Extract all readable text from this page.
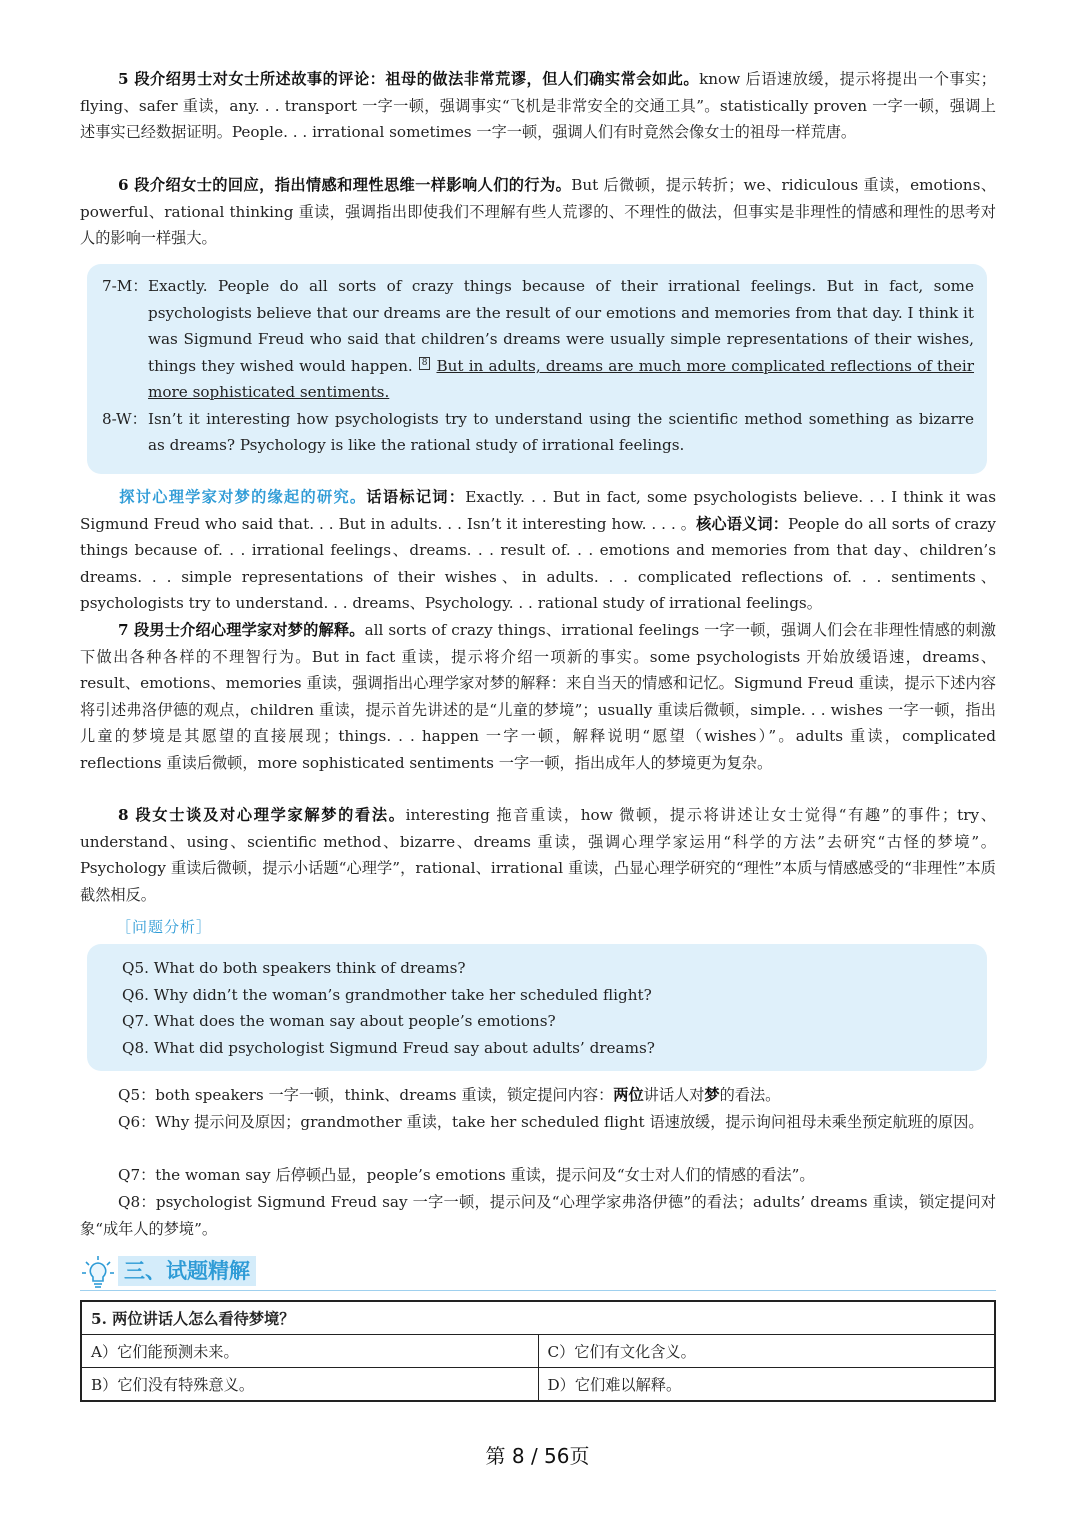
5 段介绍男士对女士所述故事的评论：祖母的做法非常荒谬，但人们确实常会如此。know 后语速放缓，提示将提出一个事实；flying、safer 重读，any. . . transport 一字一顿，强调事实“飞机是非常安全的交通工具”。statistically proven 一字一顿，强调上述事实已经数据证明。People. . . irrational sometimes 一字一顿，强调人们有时竟然会像女士的祖母一样荒唐。

6 段介绍女士的回应，指出情感和理性思维一样影响人们的行为。But 后微顿，提示转折；we、ridiculous 重读，emotions、powerful、rational thinking 重读，强调指出即使我们不理解有些人荒谬的、不理性的做法，但事实是非理性的情感和理性的思考对人的影响一样强大。

7-M： Exactly. People do all sorts of crazy things because of their irrational feelings. But in fact, some psychologists believe that our dreams are the result of our emotions and memories from that day. I think it was Sigmund Freud who said that children’s dreams were usually simple representations of their wishes, things they wished would happen. 8 But in adults, dreams are much more complicated reflections of their more sophisticated sentiments.
8-W： Isn’t it interesting how psychologists try to understand using the scientific method something as bizarre as dreams? Psychology is like the rational study of irrational feelings.

探讨心理学家对梦的缘起的研究。话语标记词：Exactly. . . But in fact, some psychologists believe. . . I think it was Sigmund Freud who said that. . . But in adults. . . Isn’t it interesting how. . . . 。核心语义词：People do all sorts of crazy things because of. . . irrational feelings、dreams. . . result of. . . emotions and memories from that day、children’s dreams. . . simple representations of their wishes、in adults. . . complicated reflections of. . . sentiments、psychologists try to understand. . . dreams、Psychology. . . rational study of irrational feelings。

7 段男士介绍心理学家对梦的解释。all sorts of crazy things、irrational feelings 一字一顿，强调人们会在非理性情感的刺激下做出各种各样的不理智行为。But in fact 重读，提示将介绍一项新的事实。some psychologists 开始放缓语速，dreams、result、emotions、memories 重读，强调指出心理学家对梦的解释：来自当天的情感和记忆。Sigmund Freud 重读，提示下述内容将引述弗洛伊德的观点，children 重读，提示首先讲述的是“儿童的梦境”；usually 重读后微顿，simple. . . wishes 一字一顿，指出儿童的梦境是其愿望的直接展现；things. . . happen 一字一顿，解释说明“愿望（wishes）”。adults 重读，complicated reflections 重读后微顿，more sophisticated sentiments 一字一顿，指出成年人的梦境更为复杂。

8 段女士谈及对心理学家解梦的看法。interesting 拖音重读，how 微顿，提示将讲述让女士觉得“有趣”的事件；try、understand、using、scientific method、bizarre、dreams 重读，强调心理学家运用“科学的方法”去研究“古怪的梦境”。Psychology 重读后微顿，提示小话题“心理学”，rational、irrational 重读，凸显心理学研究的“理性”本质与情感感受的“非理性”本质截然相反。

［问题分析］
Q5. What do both speakers think of dreams?
Q6. Why didn’t the woman’s grandmother take her scheduled flight?
Q7. What does the woman say about people’s emotions?
Q8. What did psychologist Sigmund Freud say about adults’ dreams?

Q5：both speakers 一字一顿，think、dreams 重读，锁定提问内容：两位讲话人对梦的看法。

Q6：Why 提示问及原因；grandmother 重读，take her scheduled flight 语速放缓，提示询问祖母未乘坐预定航班的原因。

Q7：the woman say 后停顿凸显，people’s emotions 重读，提示问及“女士对人们的情感的看法”。

Q8：psychologist Sigmund Freud say 一字一顿，提示问及“心理学家弗洛伊德”的看法；adults’ dreams 重读，锁定提问对象“成年人的梦境”。

三、试题精解
5. 两位讲话人怎么看待梦境？	
A）它们能预测未来。	C）它们有文化含义。
B）它们没有特殊意义。	D）它们难以解释。
第 8 / 56页
